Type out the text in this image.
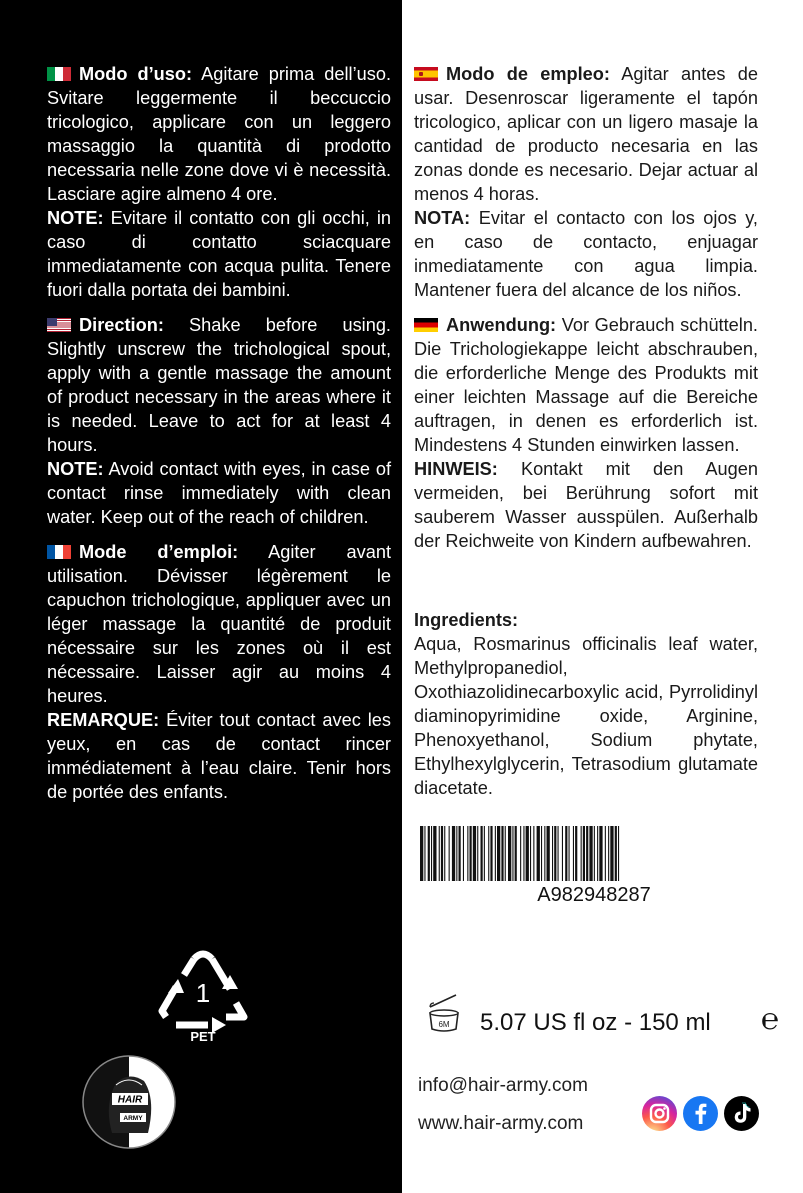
Modo d’uso: Agitare prima dell’uso. Svitare leggermente il beccuccio tricologico, applicare con un leggero massaggio la quantità di prodotto necessaria nelle zone dove vi è necessità. Lasciare agire almeno 4 ore.

NOTE: Evitare il contatto con gli occhi, in caso di contatto sciacquare immediatamente con acqua pulita. Tenere fuori dalla portata dei bambini.

Direction: Shake before using. Slightly unscrew the trichological spout, apply with a gentle massage the amount of product necessary in the areas where it is needed. Leave to act for at least 4 hours.

NOTE: Avoid contact with eyes, in case of contact rinse immediately with clean water. Keep out of the reach of children.

Mode d’emploi: Agiter avant utilisation. Dévisser légèrement le capuchon trichologique, appliquer avec un léger massage la quantité de produit nécessaire sur les zones où il est nécessaire. Laisser agir au moins 4 heures.

REMARQUE: Éviter tout contact avec les yeux, en cas de contact rincer immédiatement à l’eau claire. Tenir hors de portée des enfants.

1
PET
HAIR
ARMY

Modo de empleo: Agitar antes de usar. Desenroscar ligeramente el tapón tricologico, aplicar con un ligero masaje la cantidad de producto necesaria en las zonas donde es necesario. Dejar actuar al menos 4 horas.

NOTA: Evitar el contacto con los ojos y, en caso de contacto, enjuagar inmediatamente con agua limpia. Mantener fuera del alcance de los niños.

Anwendung: Vor Gebrauch schütteln. Die Trichologiekappe leicht abschrauben, die erforderliche Menge des Produkts mit einer leichten Massage auf die Bereiche auftragen, in denen es erforderlich ist. Mindestens 4 Stunden einwirken lassen.

HINWEIS: Kontakt mit den Augen vermeiden, bei Berührung sofort mit sauberem Wasser ausspülen. Außerhalb der Reichweite von Kindern aufbewahren.

Ingredients:

Aqua, Rosmarinus officinalis leaf water, Methylpropanediol, Oxothiazolidinecarboxylic acid, Pyrrolidinyl diaminopyrimidine oxide, Arginine, Phenoxyethanol, Sodium phytate, Ethylhexylglycerin, Tetrasodium glutamate diacetate.

A982948287
6M 5.07 US fl oz - 150 ml ℮
info@hair-army.com
www.hair-army.com
